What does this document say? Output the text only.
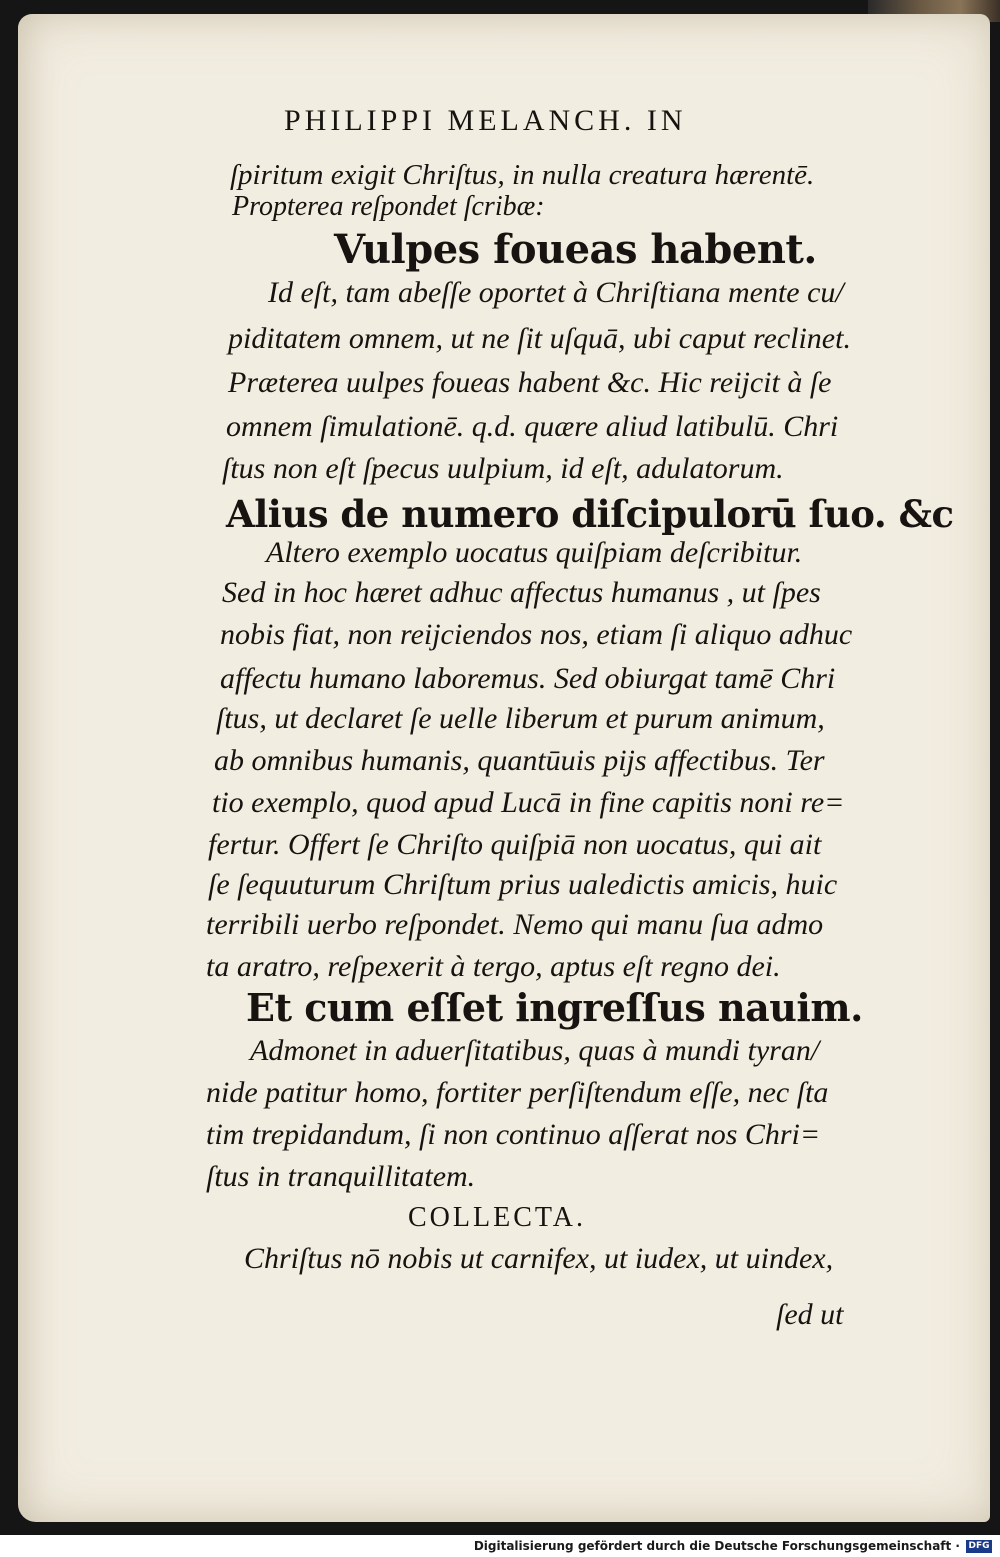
PHILIPPI MELANCH. IN
ſpiritum exigit Chriſtus, in nulla creatura hærentē.
Propterea reſpondet ſcribæ:
Vulpes foueas habent.
Id eſt, tam abeſſe oportet à Chriſtiana mente cu/
piditatem omnem, ut ne ſit uſquā, ubi caput reclinet.
Præterea uulpes foueas habent &c. Hic reijcit à ſe
omnem ſimulationē. q.d. quære aliud latibulū. Chri
ſtus non eſt ſpecus uulpium, id eſt, adulatorum.
Alius de numero diſcipulorū ſuo. &c
Altero exemplo uocatus quiſpiam deſcribitur.
Sed in hoc hæret adhuc affectus humanus , ut ſpes
nobis fiat, non reijciendos nos, etiam ſi aliquo adhuc
affectu humano laboremus. Sed obiurgat tamē Chri
ſtus, ut declaret ſe uelle liberum et purum animum,
ab omnibus humanis, quantūuis pijs affectibus. Ter
tio exemplo, quod apud Lucā in fine capitis noni re=
fertur. Offert ſe Chriſto quiſpiā non uocatus, qui ait
ſe ſequuturum Chriſtum prius ualedictis amicis, huic
terribili uerbo reſpondet. Nemo qui manu ſua admo
ta aratro, reſpexerit à tergo, aptus eſt regno dei.
Et cum eſſet ingreſſus nauim.
Admonet in aduerſitatibus, quas à mundi tyran/
nide patitur homo, fortiter perſiſtendum eſſe, nec ſta
tim trepidandum, ſi non continuo aſſerat nos Chri=
ſtus in tranquillitatem.
COLLECTA.
Chriſtus nō nobis ut carnifex, ut iudex, ut uindex,
ſed ut
Digitalisierung gefördert durch die Deutsche Forschungsgemeinschaft · DFG
